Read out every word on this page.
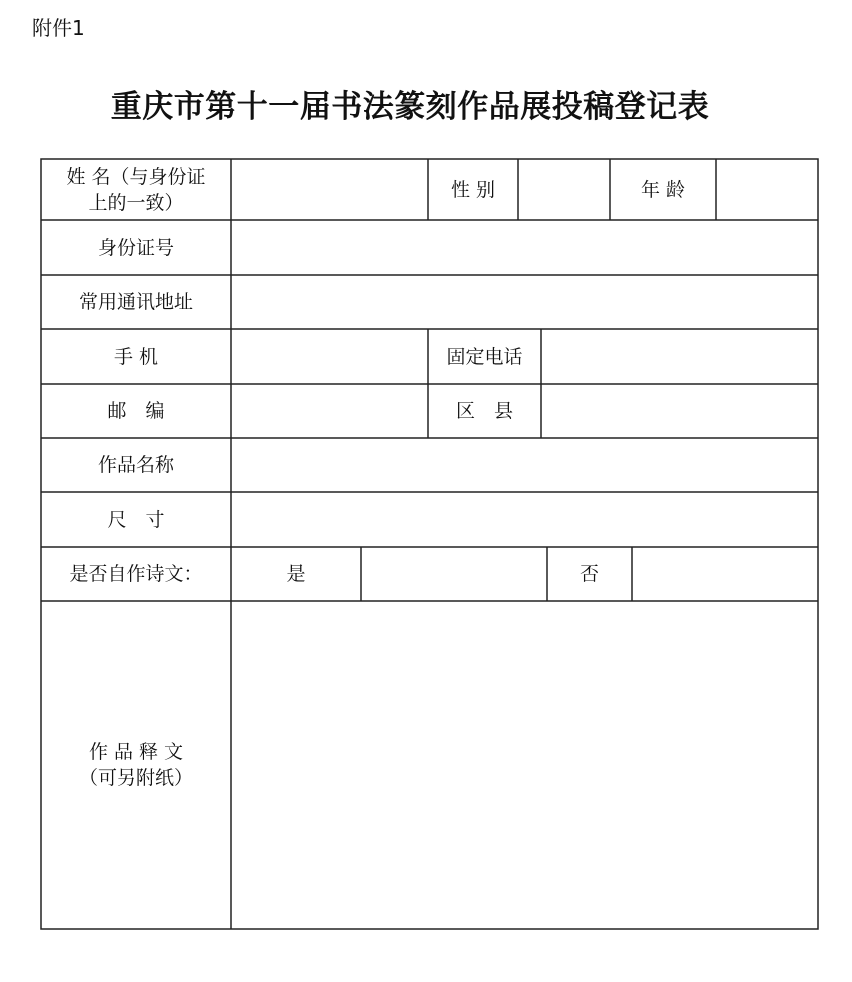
附件1
重庆市第十一届书法篆刻作品展投稿登记表
姓 名（与身份证
上的一致）
性 别	年 龄
身份证号
常用通讯地址
手 机	固定电话
邮　编	区　县
作品名称
尺　寸
是否自作诗文：	是	否
作 品 释 文
（可另附纸）
